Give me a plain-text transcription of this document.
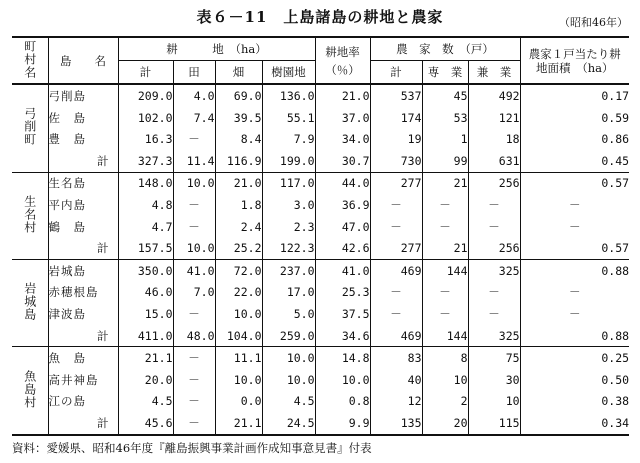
表６－11　上島諸島の耕地と農家	（昭和46年）
町村名	島　　名	耕　　　地　（ha）				耕地率
（％）	農　家　数　（戸）			農家１戸当たり耕地面積　（ha）
		計	田	畑	樹園地		計	専　業	兼　業	
弓削町	弓削島	209.0	4.0	69.0	136.0	21.0	537	45	492	0.17
	佐　島	102.0	7.4	39.5	55.1	37.0	174	53	121	0.59
	豊　島	16.3	－	8.4	7.9	34.0	19	1	18	0.86
	計	327.3	11.4	116.9	199.0	30.7	730	99	631	0.45
生名村	生名島	148.0	10.0	21.0	117.0	44.0	277	21	256	0.57
	平内島	4.8	－	1.8	3.0	36.9	－	－	－	－
	鶴　島	4.7	－	2.4	2.3	47.0	－	－	－	－
	計	157.5	10.0	25.2	122.3	42.6	277	21	256	0.57
岩城島	岩城島	350.0	41.0	72.0	237.0	41.0	469	144	325	0.88
	赤穂根島	46.0	7.0	22.0	17.0	25.3	－	－	－	－
	津波島	15.0	－	10.0	5.0	37.5	－	－	－	－
	計	411.0	48.0	104.0	259.0	34.6	469	144	325	0.88
魚島村	魚　島	21.1	－	11.1	10.0	14.8	83	8	75	0.25
	高井神島	20.0	－	10.0	10.0	10.0	40	10	30	0.50
	江の島	4.5	－	0.0	4.5	0.8	12	2	10	0.38
	計	45.6	－	21.1	24.5	9.9	135	20	115	0.34
資料：愛媛県、昭和46年度『離島振興事業計画作成知事意見書』付表
